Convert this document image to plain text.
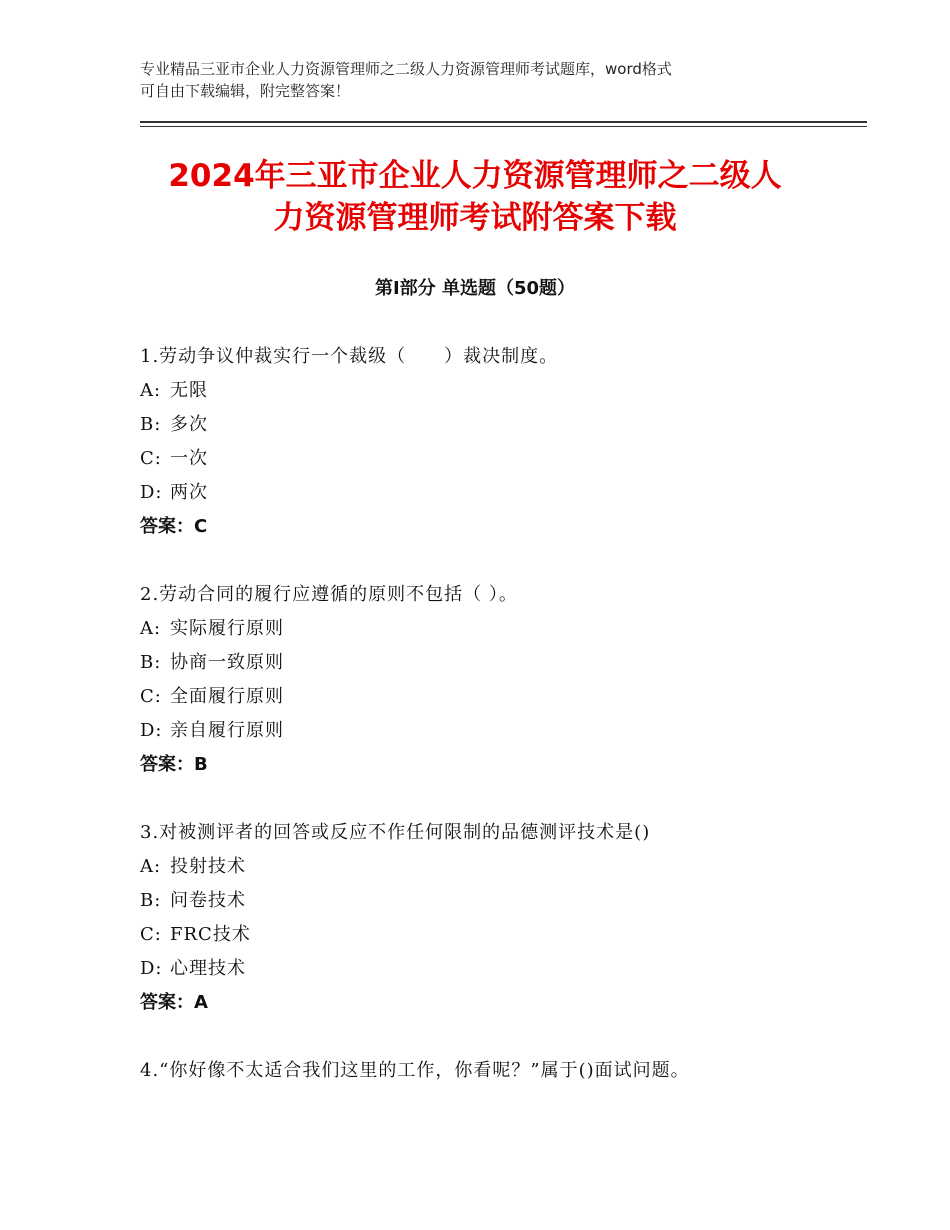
专业精品三亚市企业人力资源管理师之二级人力资源管理师考试题库，word格式
可自由下载编辑，附完整答案！
2024年三亚市企业人力资源管理师之二级人
力资源管理师考试附答案下载
第Ⅰ部分 单选题（50题）
1.劳动争议仲裁实行一个裁级（　　）裁决制度。
A: 无限
B: 多次
C: 一次
D: 两次
答案：C
2.劳动合同的履行应遵循的原则不包括（ ）。
A: 实际履行原则
B: 协商一致原则
C: 全面履行原则
D: 亲自履行原则
答案：B
3.对被测评者的回答或反应不作任何限制的品德测评技术是()
A: 投射技术
B: 问卷技术
C: FRC技术
D: 心理技术
答案：A
4.“你好像不太适合我们这里的工作，你看呢？”属于()面试问题。
